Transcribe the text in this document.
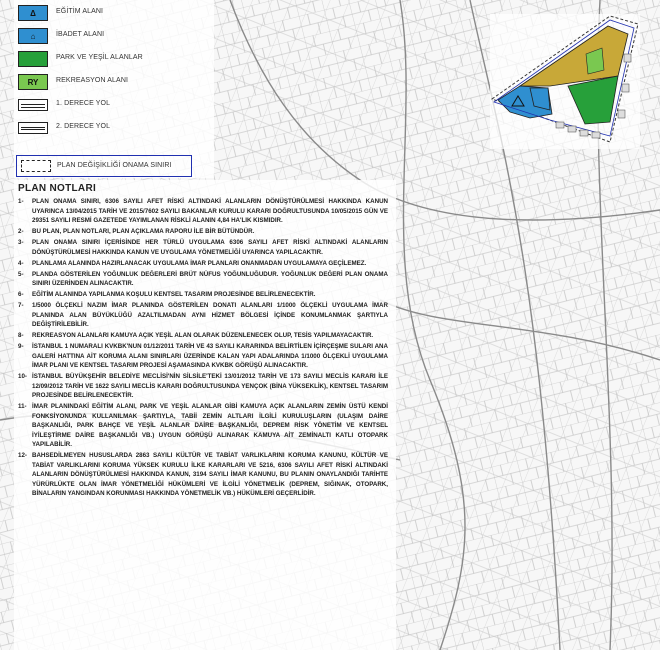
Δ	EĞİTİM ALANI
⌂	İBADET ALANI
PARK VE YEŞİL ALANLAR
RY	REKREASYON ALANI
1. DERECE YOL
2. DERECE YOL
PLAN DEĞİŞİKLİĞİ ONAMA SINIRI
PLAN NOTLARI
1- PLAN ONAMA SINIRI, 6306 SAYILI AFET RİSKİ ALTINDAKİ ALANLARIN DÖNÜŞTÜRÜLMESİ HAKKINDA KANUN UYARINCA 13/04/2015 TARİH VE 2015/7602 SAYILI BAKANLAR KURULU KARARI DOĞRULTUSUNDA 10/05/2015 GÜN VE 29351 SAYILI RESMİ GAZETEDE YAYIMLANAN RİSKLİ ALANIN 4,84 HA'LIK KISMIDIR.
2- BU PLAN, PLAN NOTLARI, PLAN AÇIKLAMA RAPORU İLE BİR BÜTÜNDÜR.
3- PLAN ONAMA SINIRI İÇERİSİNDE HER TÜRLÜ UYGULAMA 6306 SAYILI AFET RİSKİ ALTINDAKİ ALANLARIN DÖNÜŞTÜRÜLMESİ HAKKINDA KANUN VE UYGULAMA YÖNETMELİĞİ UYARINCA YAPILACAKTIR.
4- PLANLAMA ALANINDA HAZIRLANACAK UYGULAMA İMAR PLANLARI ONANMADAN UYGULAMAYA GEÇİLEMEZ.
5- PLANDA GÖSTERİLEN YOĞUNLUK DEĞERLERİ BRÜT NÜFUS YOĞUNLUĞUDUR. YOĞUNLUK DEĞERİ PLAN ONAMA SINIRI ÜZERİNDEN ALINACAKTIR.
6- EĞİTİM ALANINDA YAPILANMA KOŞULU KENTSEL TASARIM PROJESİNDE BELİRLENECEKTİR.
7- 1/5000 ÖLÇEKLİ NAZIM İMAR PLANINDA GÖSTERİLEN DONATI ALANLARI 1/1000 ÖLÇEKLİ UYGULAMA İMAR PLANINDA ALAN BÜYÜKLÜĞÜ AZALTILMADAN AYNI HİZMET BÖLGESİ İÇİNDE KONUMLANMAK ŞARTIYLA DEĞİŞTİRİLEBİLİR.
8- REKREASYON ALANLARI KAMUYA AÇIK YEŞİL ALAN OLARAK DÜZENLENECEK OLUP, TESİS YAPILMAYACAKTIR.
9- İSTANBUL 1 NUMARALI KVKBK'NUN 01/12/2011 TARİH VE 43 SAYILI KARARINDA BELİRTİLEN İÇİRÇEŞME SULARI ANA GALERİ HATTINA AİT KORUMA ALANI SINIRLARI ÜZERİNDE KALAN YAPI ADALARINDA 1/1000 ÖLÇEKLİ UYGULAMA İMAR PLANI VE KENTSEL TASARIM PROJESİ AŞAMASINDA KVKBK GÖRÜŞÜ ALINACAKTIR.
10- İSTANBUL BÜYÜKŞEHİR BELEDİYE MECLİSİ'NİN SİLSİLE'TEKİ 13/01/2012 TARİH VE 173 SAYILI MECLİS KARARI İLE 12/09/2012 TARİH VE 1622 SAYILI MECLİS KARARI DOĞRULTUSUNDA YENÇOK (BİNA YÜKSEKLİK), KENTSEL TASARIM PROJESİNDE BELİRLENECEKTİR.
11- İMAR PLANINDAKİ EĞİTİM ALANI, PARK VE YEŞİL ALANLAR GİBİ KAMUYA AÇIK ALANLARIN ZEMİN ÜSTÜ KENDİ FONKSİYONUNDA KULLANILMAK ŞARTIYLA, TABİİ ZEMİN ALTLARI İLGİLİ KURULUŞLARIN (ULAŞIM DAİRE BAŞKANLIĞI, PARK BAHÇE VE YEŞİL ALANLAR DAİRE BAŞKANLIĞI, DEPREM RİSK YÖNETİM VE KENTSEL İYİLEŞTİRME DAİRE BAŞKANLIĞI VB.) UYGUN GÖRÜŞÜ ALINARAK KAMUYA AİT ZEMİNALTI KATLI OTOPARK YAPILABİLİR.
12- BAHSEDİLMEYEN HUSUSLARDA 2863 SAYILI KÜLTÜR VE TABİAT VARLIKLARINI KORUMA KANUNU, KÜLTÜR VE TABİAT VARLIKLARINI KORUMA YÜKSEK KURULU İLKE KARARLARI VE 5216, 6306 SAYILI AFET RİSKİ ALTINDAKİ ALANLARIN DÖNÜŞTÜRÜLMESİ HAKKINDA KANUN, 3194 SAYILI İMAR KANUNU, BU PLANIN ONAYLANDIĞI TARİHTE YÜRÜRLÜKTE OLAN İMAR YÖNETMELİĞİ HÜKÜMLERİ VE İLGİLİ YÖNETMELİK (DEPREM, SIĞINAK, OTOPARK, BİNALARIN YANGINDAN KORUNMASI HAKKINDA YÖNETMELİK VB.) HÜKÜMLERİ GEÇERLİDİR.
